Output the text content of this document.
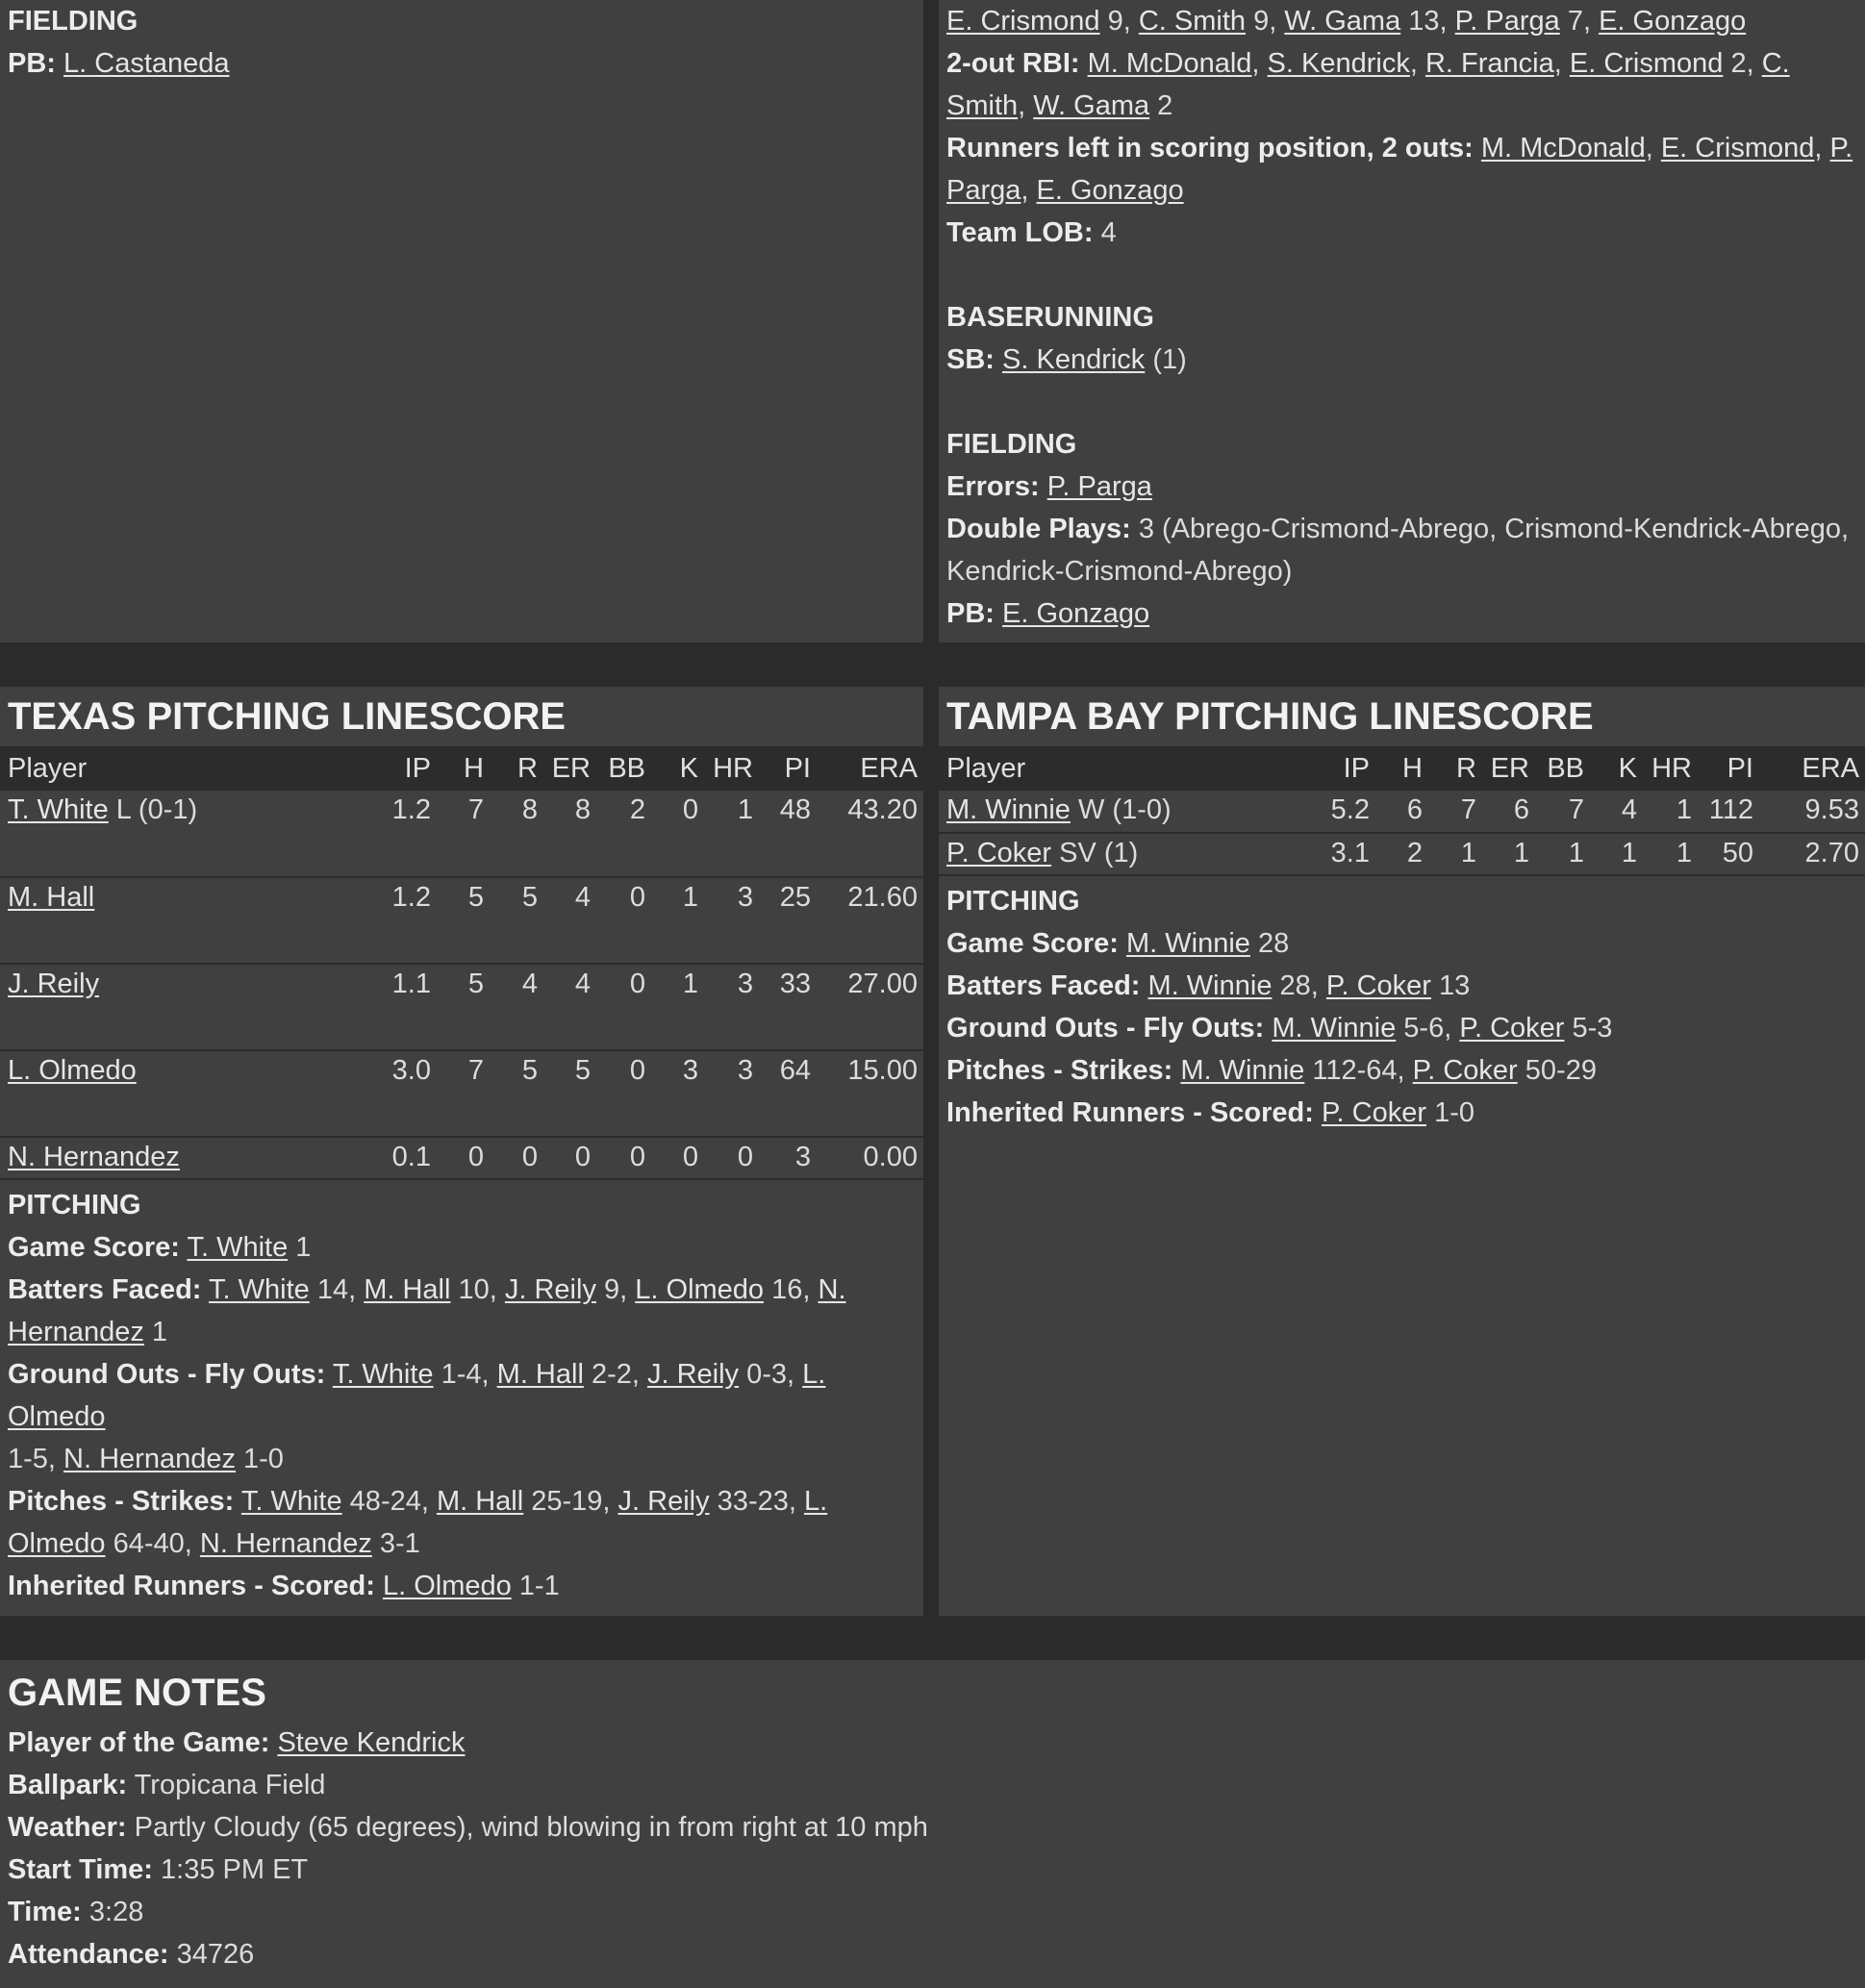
FIELDING
PB: L. Castaneda
E. Crismond 9, C. Smith 9, W. Gama 13, P. Parga 7, E. Gonzago
2-out RBI: M. McDonald, S. Kendrick, R. Francia, E. Crismond 2, C.
Smith, W. Gama 2
Runners left in scoring position, 2 outs: M. McDonald, E. Crismond, P.
Parga, E. Gonzago
Team LOB: 4
BASERUNNING
SB: S. Kendrick (1)
FIELDING
Errors: P. Parga
Double Plays: 3 (Abrego-Crismond-Abrego, Crismond-Kendrick-Abrego,
Kendrick-Crismond-Abrego)
PB: E. Gonzago
TEXAS PITCHING LINESCORE
Player	IP	H	R	ER	BB	K	HR	PI	ERA
T. White L (0-1)	1.2	7	8	8	2	0	1	48	43.20
M. Hall	1.2	5	5	4	0	1	3	25	21.60
J. Reily	1.1	5	4	4	0	1	3	33	27.00
L. Olmedo	3.0	7	5	5	0	3	3	64	15.00
N. Hernandez	0.1	0	0	0	0	0	0	3	0.00
PITCHING
Game Score: T. White 1
Batters Faced: T. White 14, M. Hall 10, J. Reily 9, L. Olmedo 16, N.
Hernandez 1
Ground Outs - Fly Outs: T. White 1-4, M. Hall 2-2, J. Reily 0-3, L. Olmedo
1-5, N. Hernandez 1-0
Pitches - Strikes: T. White 48-24, M. Hall 25-19, J. Reily 33-23, L.
Olmedo 64-40, N. Hernandez 3-1
Inherited Runners - Scored: L. Olmedo 1-1
TAMPA BAY PITCHING LINESCORE
Player	IP	H	R	ER	BB	K	HR	PI	ERA
M. Winnie W (1-0)	5.2	6	7	6	7	4	1	112	9.53
P. Coker SV (1)	3.1	2	1	1	1	1	1	50	2.70
PITCHING
Game Score: M. Winnie 28
Batters Faced: M. Winnie 28, P. Coker 13
Ground Outs - Fly Outs: M. Winnie 5-6, P. Coker 5-3
Pitches - Strikes: M. Winnie 112-64, P. Coker 50-29
Inherited Runners - Scored: P. Coker 1-0
GAME NOTES
Player of the Game: Steve Kendrick
Ballpark: Tropicana Field
Weather: Partly Cloudy (65 degrees), wind blowing in from right at 10 mph
Start Time: 1:35 PM ET
Time: 3:28
Attendance: 34726
